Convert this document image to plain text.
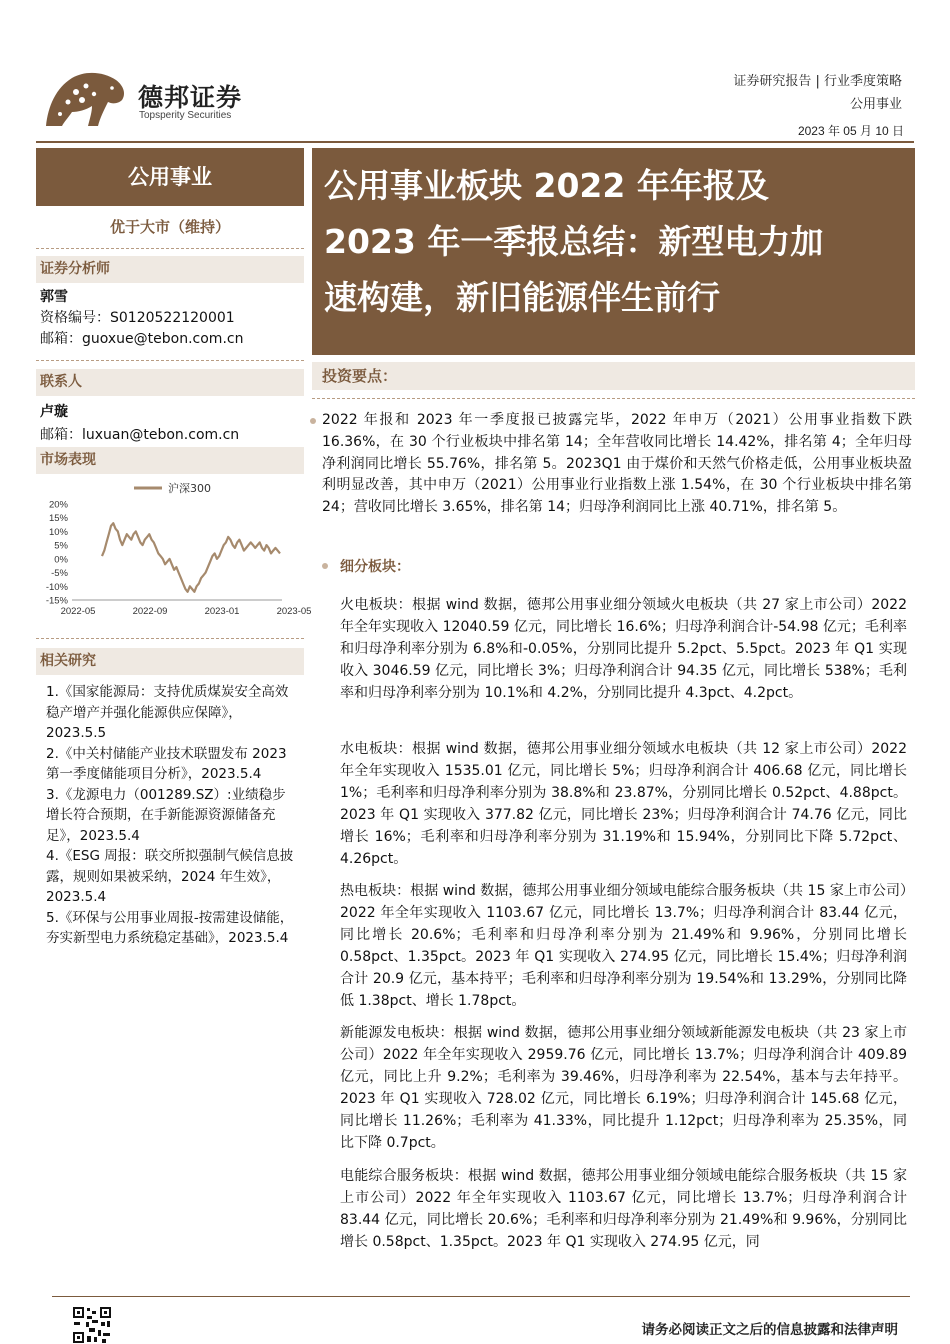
德邦证券
Topsperity Securities
证券研究报告 | 行业季度策略
公用事业
2023 年 05 月 10 日
公用事业板块 2022 年年报及
2023 年一季报总结：新型电力加
速构建，新旧能源伴生前行
公用事业
优于大市（维持）
证券分析师
郭雪
资格编号：S0120522120001
邮箱：guoxue@tebon.com.cn
联系人
卢璇
邮箱：luxuan@tebon.com.cn
市场表现
沪深300
20%
15%
10%
5%
0%
-5%
-10%
-15%
2022-05	2022-09	2023-01	2023-05
相关研究
1.《国家能源局：支持优质煤炭安全高效稳产增产并强化能源供应保障》，2023.5.5
2.《中关村储能产业技术联盟发布 2023 第一季度储能项目分析》，2023.5.4
3.《龙源电力（001289.SZ）:业绩稳步增长符合预期，在手新能源资源储备充足》，2023.5.4
4.《ESG 周报：联交所拟强制气候信息披露，规则如果被采纳，2024 年生效》，2023.5.4
5.《环保与公用事业周报-按需建设储能，夯实新型电力系统稳定基础》，2023.5.4
投资要点：
2022 年报和 2023 年一季度报已披露完毕，2022 年申万（2021）公用事业指数下跌 16.36%，在 30 个行业板块中排名第 14；全年营收同比增长 14.42%，排名第 4；全年归母净利润同比增长 55.76%，排名第 5。2023Q1 由于煤价和天然气价格走低，公用事业板块盈利明显改善，其中申万（2021）公用事业行业指数上涨 1.54%，在 30 个行业板块中排名第 24；营收同比增长 3.65%，排名第 14；归母净利润同比上涨 40.71%，排名第 5。
细分板块：
火电板块：根据 wind 数据，德邦公用事业细分领域火电板块（共 27 家上市公司）2022 年全年实现收入 12040.59 亿元，同比增长 16.6%；归母净利润合计-54.98 亿元；毛利率和归母净利率分别为 6.8%和-0.05%，分别同比提升 5.2pct、5.5pct。2023 年 Q1 实现收入 3046.59 亿元，同比增长 3%；归母净利润合计 94.35 亿元，同比增长 538%；毛利率和归母净利率分别为 10.1%和 4.2%，分别同比提升 4.3pct、4.2pct。
水电板块：根据 wind 数据，德邦公用事业细分领域水电板块（共 12 家上市公司）2022 年全年实现收入 1535.01 亿元，同比增长 5%；归母净利润合计 406.68 亿元，同比增长 1%；毛利率和归母净利率分别为 38.8%和 23.87%，分别同比增长 0.52pct、4.88pct。2023 年 Q1 实现收入 377.82 亿元，同比增长 23%；归母净利润合计 74.76 亿元，同比增长 16%；毛利率和归母净利率分别为 31.19%和 15.94%，分别同比下降 5.72pct、4.26pct。
热电板块：根据 wind 数据，德邦公用事业细分领域电能综合服务板块（共 15 家上市公司）2022 年全年实现收入 1103.67 亿元，同比增长 13.7%；归母净利润合计 83.44 亿元，同比增长 20.6%；毛利率和归母净利率分别为 21.49%和 9.96%，分别同比增长 0.58pct、1.35pct。2023 年 Q1 实现收入 274.95 亿元，同比增长 15.4%；归母净利润合计 20.9 亿元，基本持平；毛利率和归母净利率分别为 19.54%和 13.29%，分别同比降低 1.38pct、增长 1.78pct。
新能源发电板块：根据 wind 数据，德邦公用事业细分领域新能源发电板块（共 23 家上市公司）2022 年全年实现收入 2959.76 亿元，同比增长 13.7%；归母净利润合计 409.89 亿元，同比上升 9.2%；毛利率为 39.46%，归母净利率为 22.54%，基本与去年持平。2023 年 Q1 实现收入 728.02 亿元，同比增长 6.19%；归母净利润合计 145.68 亿元，同比增长 11.26%；毛利率为 41.33%，同比提升 1.12pct；归母净利率为 25.35%，同比下降 0.7pct。
电能综合服务板块：根据 wind 数据，德邦公用事业细分领域电能综合服务板块（共 15 家上市公司）2022 年全年实现收入 1103.67 亿元，同比增长 13.7%；归母净利润合计 83.44 亿元，同比增长 20.6%；毛利率和归母净利率分别为 21.49%和 9.96%，分别同比增长 0.58pct、1.35pct。2023 年 Q1 实现收入 274.95 亿元，同
请务必阅读正文之后的信息披露和法律声明
